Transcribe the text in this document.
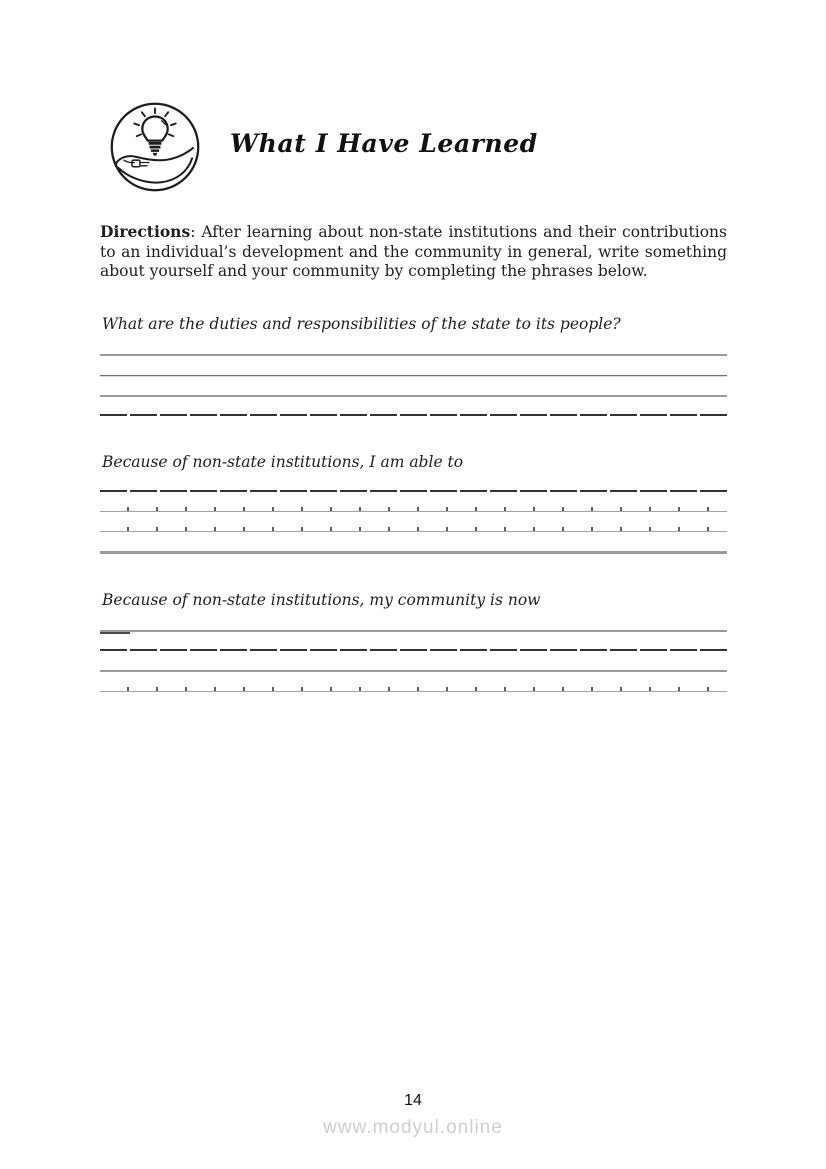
What I Have Learned

Directions: After learning about non-state institutions and their contributions to an individual’s development and the community in general, write something about yourself and your community by completing the phrases below.

What are the duties and responsibilities of the state to its people?

Because of non-state institutions, I am able to

Because of non-state institutions, my community is now

14
www.modyul.online
